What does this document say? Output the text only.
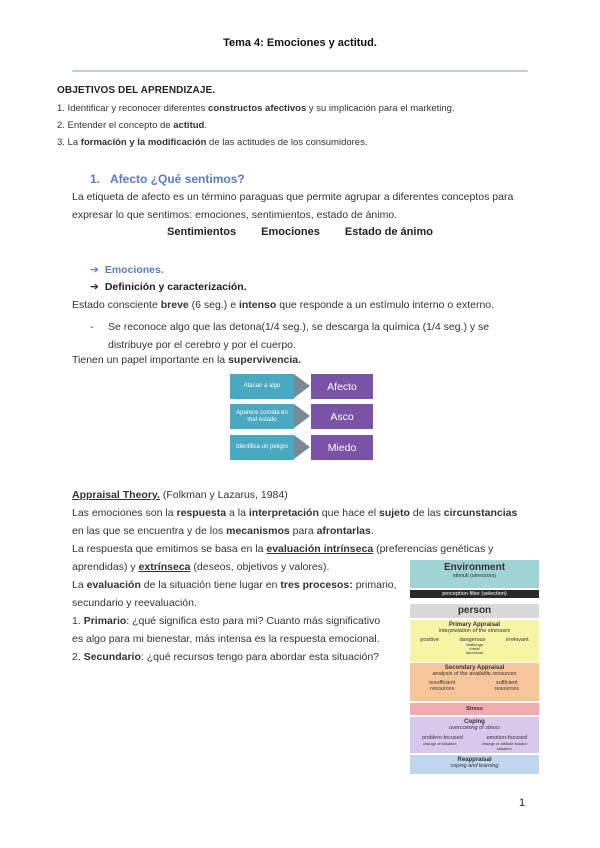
Tema 4: Emociones y actitud.
OBJETIVOS DEL APRENDIZAJE.
1. Identificar y reconocer diferentes constructos afectivos y su implicación para el marketing.
2. Entender el concepto de actitud.
3. La formación y la modificación de las actitudes de los consumidores.
1. Afecto ¿Qué sentimos?
La etiqueta de afecto es un término paraguas que permite agrupar a diferentes conceptos para
expresar lo que sentimos: emociones, sentimientos, estado de ánimo.
Sentimientos Emociones Estado de ánimo
➔ Emociones.
➔ Definición y caracterización.
Estado consciente breve (6 seg.) e intenso que responde a un estímulo interno o externo.
- Se reconoce algo que las detona(1/4 seg.), se descarga la química (1/4 seg.) y se
distribuye por el cerebro y por el cuerpo.
Tienen un papel importante en la supervivencia.
Atacan a algo	Afecto
Aparece comida en mal estado	Asco
Identifica un peligro	Miedo
Appraisal Theory. (Folkman y Lazarus, 1984)
Las emociones son la respuesta a la interpretación que hace el sujeto de las circunstancias
en las que se encuentra y de los mecanismos para afrontarlas.
La respuesta que emitimos se basa en la evaluación intrínseca (preferencias genéticas y
aprendidas) y extrínseca (deseos, objetivos y valores).
La evaluación de la situación tiene lugar en tres procesos: primario,
secundario y reevaluación.
1. Primario: ¿qué significa esto para mi? Cuanto más significativo
es algo para mi bienestar, más intensa es la respuesta emocional.
2. Secundario: ¿qué recursos tengo para abordar esta situación?
Environment
stimuli (stressors)
perception filter (selection)
person
Primary Appraisal
interpretation of the stressors
positive	dangerous	irrelevant
challenge
threat
harm/loss
Secondary Appraisal
analysis of the available resources
insufficient resources
sufficient resources
Stress
Coping
overcoming of stress
problem-focused	emotion-focused
change of situation	change of attitude toward situation
Reappraisal
coping and learning
1
